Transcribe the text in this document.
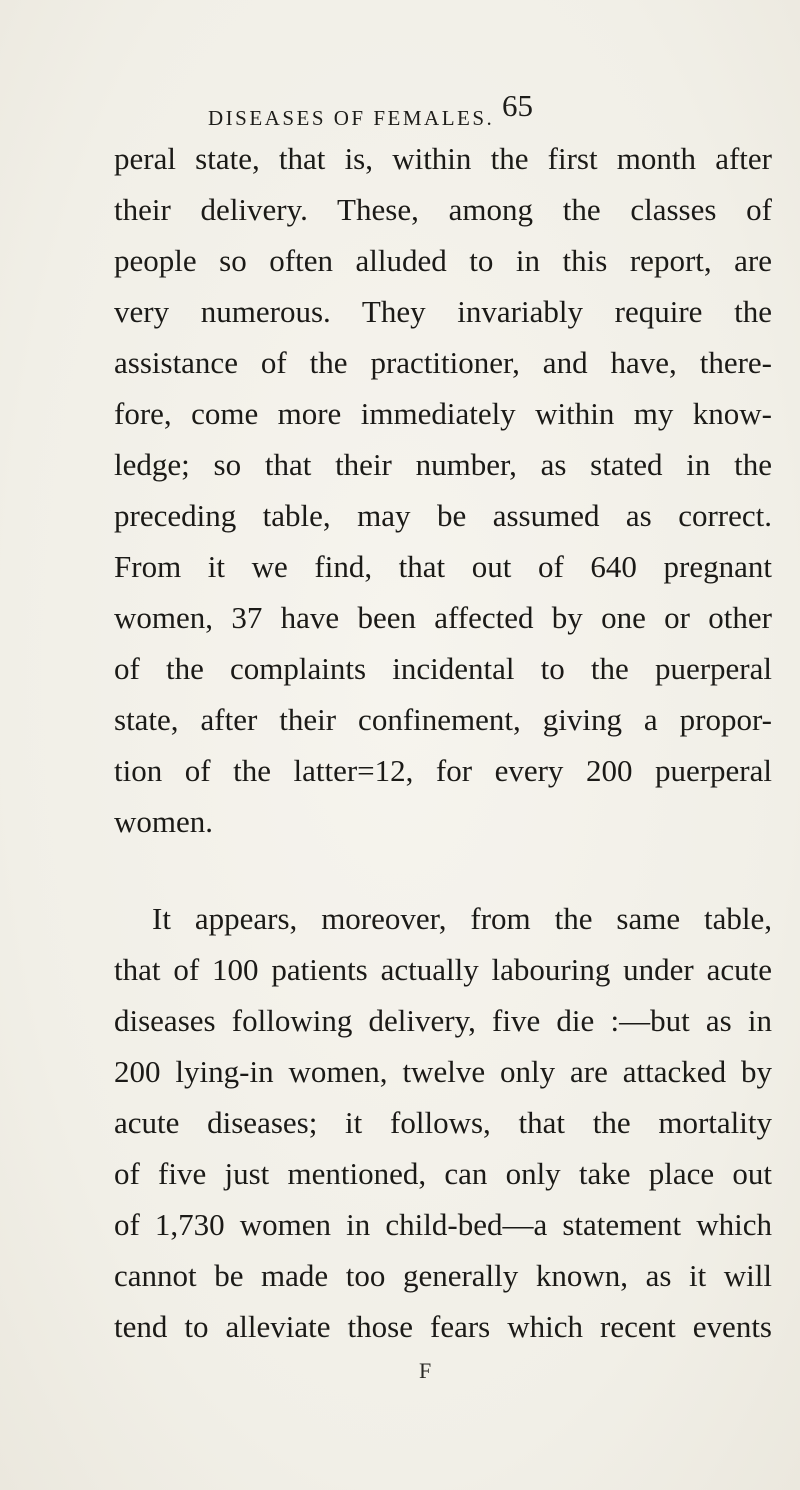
DISEASES OF FEMALES. 65
peral state, that is, within the first month after
their delivery. These, among the classes of
people so often alluded to in this report, are
very numerous. They invariably require the
assistance of the practitioner, and have, there-
fore, come more immediately within my know-
ledge; so that their number, as stated in the
preceding table, may be assumed as correct.
From it we find, that out of 640 pregnant
women, 37 have been affected by one or other
of the complaints incidental to the puerperal
state, after their confinement, giving a propor-
tion of the latter=12, for every 200 puerperal
women.
It appears, moreover, from the same table,
that of 100 patients actually labouring under acute
diseases following delivery, five die :—but as in
200 lying-in women, twelve only are attacked by
acute diseases; it follows, that the mortality
of five just mentioned, can only take place out
of 1,730 women in child-bed—a statement which
cannot be made too generally known, as it will
tend to alleviate those fears which recent events
F
